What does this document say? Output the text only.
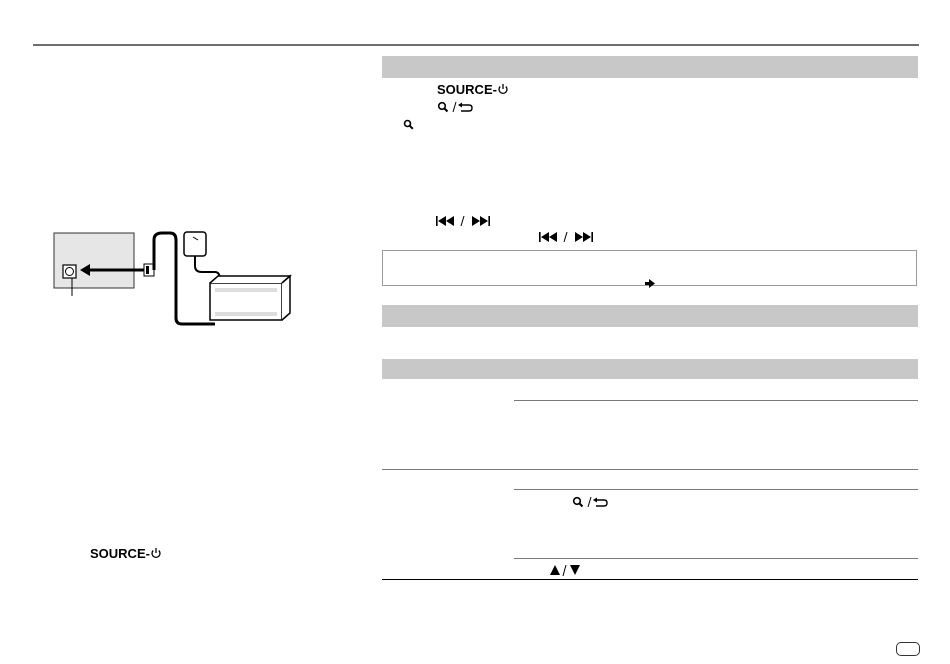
SOURCE-
SOURCE-
